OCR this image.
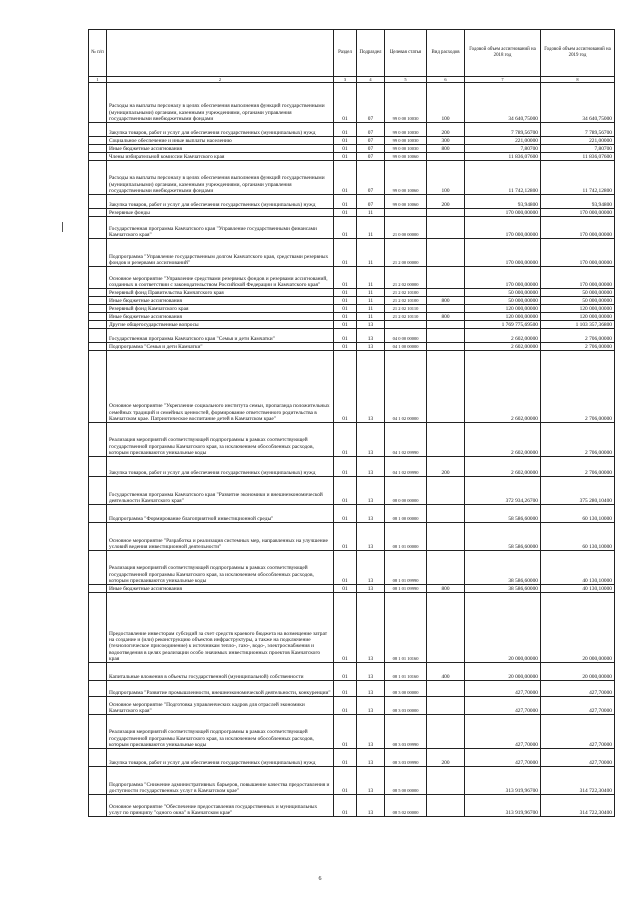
№ п/п		Раздел	Подраздел	Целевая статья	Вид расходов	Годовой объем ассигнований на 2018 год	Годовой объем ассигнований на 2019 год
1	2	3	4	5	6	7	8
	Расходы на выплаты персоналу в целях обеспечения выполнения функций государственными (муниципальными) органами, казенными учреждениями, органами управления государственными внебюджетными фондами	01	07	99 0 00 10030	100	34 640,75000	34 640,75000
	Закупка товаров, работ и услуг для обеспечения государственных (муниципальных) нужд	01	07	99 0 00 10030	200	7 789,56700	7 789,56700
	Социальное обеспечение и иные выплаты населению	01	07	99 0 00 10030	300	221,00000	221,00000
	Иные бюджетные ассигнования	01	07	99 0 00 10030	800	7,80700	7,80700
	Члены избирательной комиссии Камчатского края	01	07	99 0 00 10060		11 836,07600	11 836,07600
	Расходы на выплаты персоналу в целях обеспечения выполнения функций государственными (муниципальными) органами, казенными учреждениями, органами управления государственными внебюджетными фондами	01	07	99 0 00 10060	100	11 742,12800	11 742,12800
	Закупка товаров, работ и услуг для обеспечения государственных (муниципальных) нужд	01	07	99 0 00 10060	200	93,94800	93,94800
	Резервные фонды	01	11			170 000,00000	170 000,00000
	Государственная программа Камчатского края "Управление государственными финансами Камчатского края"	01	11	21 0 00 00000		170 000,00000	170 000,00000
	Подпрограмма "Управление государственным долгом Камчатского края, средствами резервных фондов и резервами ассигнований"	01	11	21 2 00 00000		170 000,00000	170 000,00000
	Основное мероприятие "Управление средствами резервных фондов и резервами ассигнований, созданных в соответствии с законодательством Российской Федерации и Камчатского края"	01	11	21 2 02 00000		170 000,00000	170 000,00000
	Резервный фонд Правительства Камчатского края	01	11	21 2 02 10100		50 000,00000	50 000,00000
	Иные бюджетные ассигнования	01	11	21 2 02 10100	800	50 000,00000	50 000,00000
	Резервный фонд Камчатского края	01	11	21 2 02 10110		120 000,00000	120 000,00000
	Иные бюджетные ассигнования	01	11	21 2 02 10110	800	120 000,00000	120 000,00000
	Другие общегосударственные вопросы	01	13			1 769 775,69500	1 103 357,36800
	Государственная программа Камчатского края "Семья и дети Камчатки"	01	13	04 0 00 00000		2 602,00000	2 706,00000
	Подпрограмма "Семья и дети Камчатки"	01	13	04 1 00 00000		2 602,00000	2 706,00000
	Основное мероприятие "Укрепление социального института семьи, пропаганда положительных семейных традиций и семейных ценностей, формирование ответственного родительства в Камчатском крае. Патриотическое воспитание детей в Камчатском крае"	01	13	04 1 02 00000		2 602,00000	2 706,00000
	Реализация мероприятий соответствующей подпрограммы в рамках соответствующей государственной программы Камчатского края, за исключением обособленных расходов, которым присваиваются уникальные коды	01	13	04 1 02 09990		2 602,00000	2 706,00000
	Закупка товаров, работ и услуг для обеспечения государственных (муниципальных) нужд	01	13	04 1 02 09990	200	2 602,00000	2 706,00000
	Государственная программа Камчатского края "Развитие экономики и внешнеэкономической деятельности Камчатского края"	01	13	08 0 00 00000		372 934,26700	375 280,10400
	Подпрограмма "Формирование благоприятной инвестиционной среды"	01	13	08 1 00 00000		58 586,60000	60 130,10000
	Основное мероприятие "Разработка и реализация системных мер, направленных на улучшение условий ведения инвестиционной деятельности"	01	13	08 1 01 00000		58 586,60000	60 130,10000
	Реализация мероприятий соответствующей подпрограммы в рамках соответствующей государственной программы Камчатского края, за исключением обособленных расходов, которым присваиваются уникальные коды	01	13	08 1 01 09990		38 586,60000	40 130,10000
	Иные бюджетные ассигнования	01	13	08 1 01 09990	800	38 586,60000	40 130,10000
	Предоставление инвесторам субсидий за счет средств краевого бюджета на возмещение затрат на создание и (или) реконструкцию объектов инфраструктуры, а также на подключение (технологическое присоединение) к источникам тепло-, газо-, водо-, электроснабжения и водоотведения в целях реализации особо значимых инвестиционных проектов Камчатского края	01	13	08 1 01 10160		20 000,00000	20 000,00000
	Капитальные вложения в объекты государственной (муниципальной) собственности	01	13	08 1 01 10160	400	20 000,00000	20 000,00000
	Подпрограмма "Развитие промышленности, внешнеэкономической деятельности, конкуренции"	01	13	08 3 00 00000		427,70000	427,70000
	Основное мероприятие "Подготовка управленческих кадров для отраслей экономики Камчатского края"	01	13	08 3 03 00000		427,70000	427,70000
	Реализация мероприятий соответствующей подпрограммы в рамках соответствующей государственной программы Камчатского края, за исключением обособленных расходов, которым присваиваются уникальные коды	01	13	08 3 03 09990		427,70000	427,70000
	Закупка товаров, работ и услуг для обеспечения государственных (муниципальных) нужд	01	13	08 3 03 09990	200	427,70000	427,70000
	Подпрограмма "Снижение административных барьеров, повышение качества предоставления и доступности государственных услуг в Камчатском крае"	01	13	08 5 00 00000		313 919,96700	314 722,30400
	Основное мероприятие "Обеспечение предоставления государственных и муниципальных услуг по принципу "одного окна" в Камчатском крае"	01	13	08 5 02 00000		313 919,96700	314 722,30400
6
